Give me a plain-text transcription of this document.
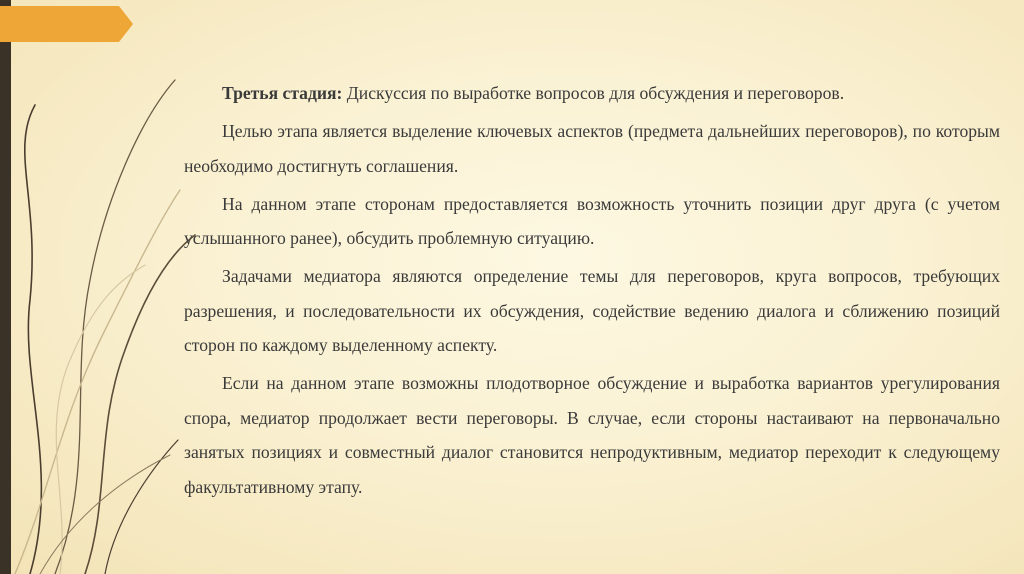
Третья стадия: Дискуссия по выработке вопросов для обсуждения и переговоров.

Целью этапа является выделение ключевых аспектов (предмета дальнейших переговоров), по которым необходимо достигнуть соглашения.

На данном этапе сторонам предоставляется возможность уточнить позиции друг друга (с учетом услышанного ранее), обсудить проблемную ситуацию.

Задачами медиатора являются определение темы для переговоров, круга вопросов, требующих разрешения, и последовательности их обсуждения, содействие ведению диалога и сближению позиций сторон по каждому выделенному аспекту.

Если на данном этапе возможны плодотворное обсуждение и выработка вариантов урегулирования спора, медиатор продолжает вести переговоры. В случае, если стороны настаивают на первоначально занятых позициях и совместный диалог становится непродуктивным, медиатор переходит к следующему факультативному этапу.
